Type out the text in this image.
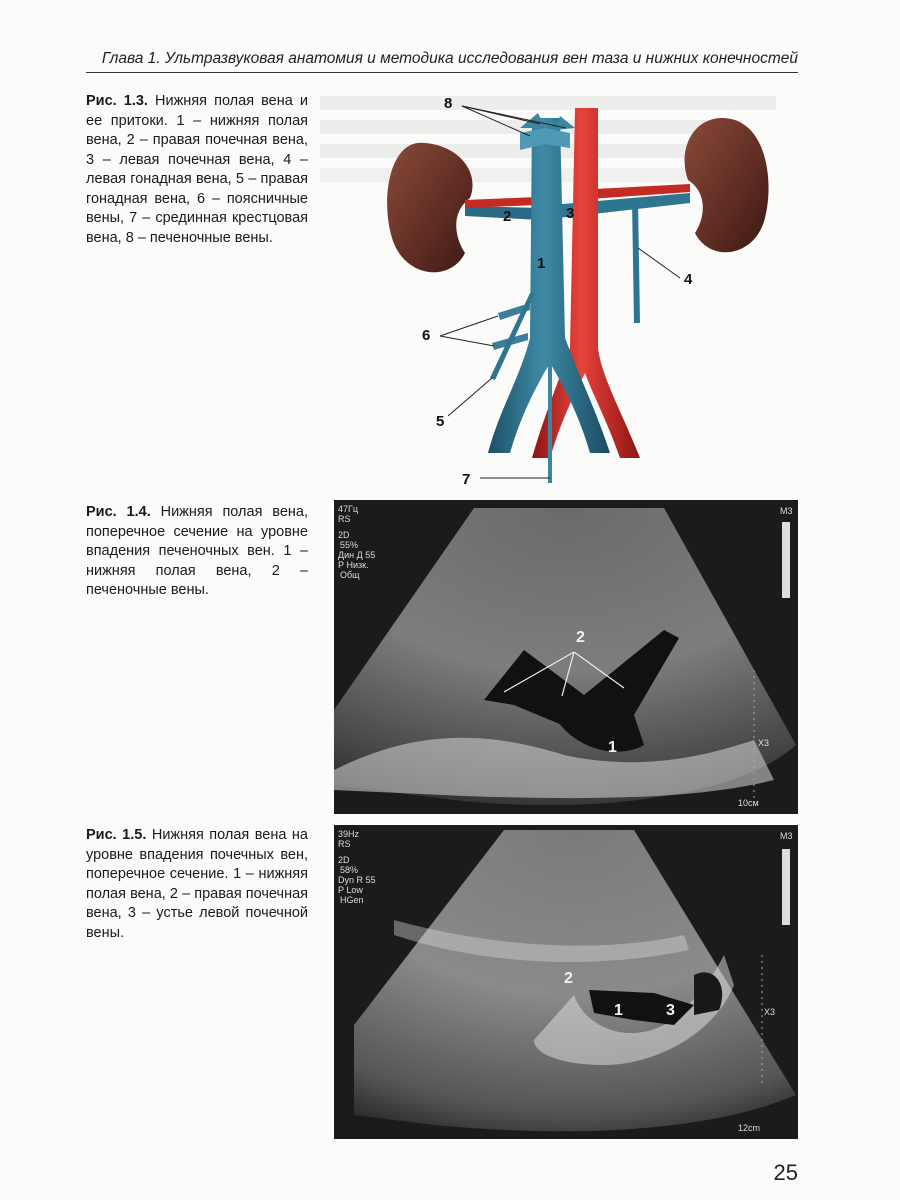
Глава 1. Ультразвуковая анатомия и методика исследования вен таза и нижних конечностей
Рис. 1.3. Нижняя полая вена и ее притоки. 1 – нижняя полая вена, 2 – правая почечная вена, 3 – левая почечная вена, 4 – левая гонадная вена, 5 – правая гонадная вена, 6 – поясничные вены, 7 – срединная крестцовая вена, 8 – печеночные вены.
8
2	3
1
4
6
5
7
Рис. 1.4. Нижняя полая вена, поперечное сечение на уровне впадения печеночных вен. 1 – нижняя полая вена, 2 – печеночные вены.
2
1
47Гц
RS
2D
55%
Дин Д 55
Р Низк.
Общ
M3
X3
10см
Рис. 1.5. Нижняя полая вена на уровне впадения почечных вен, поперечное сечение. 1 – нижняя полая вена, 2 – правая почечная вена, 3 – устье левой почечной вены.
2
1	3
39Hz
RS
2D
58%
Dyn R 55
P Low
HGen
M3
X3
12cm
25
